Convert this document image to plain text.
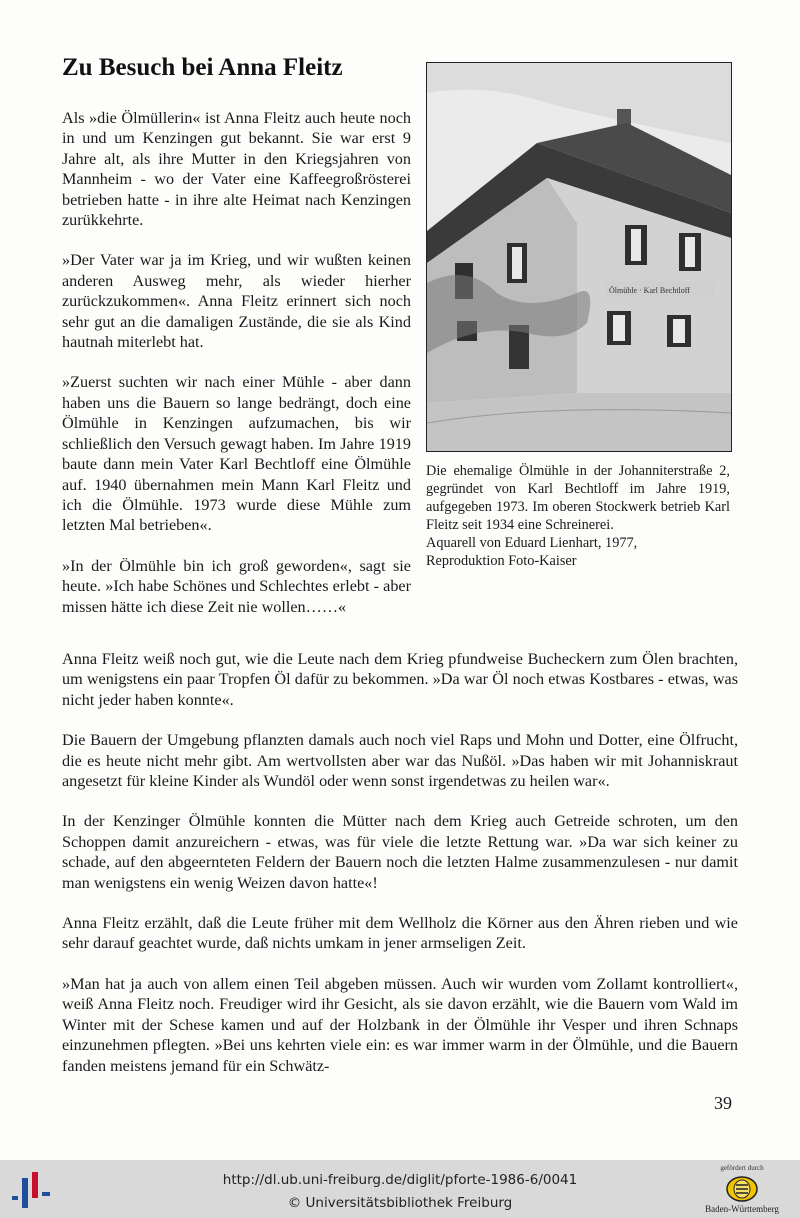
Zu Besuch bei Anna Fleitz

Als »die Ölmüllerin« ist Anna Fleitz auch heute noch in und um Kenzingen gut bekannt. Sie war erst 9 Jahre alt, als ihre Mutter in den Kriegsjahren von Mannheim - wo der Vater eine Kaffeegroßrösterei betrieben hatte - in ihre alte Heimat nach Kenzingen zurükkehrte.

»Der Vater war ja im Krieg, und wir wußten keinen anderen Ausweg mehr, als wieder hierher zurückzukommen«. Anna Fleitz erinnert sich noch sehr gut an die damaligen Zustände, die sie als Kind hautnah miterlebt hat.

»Zuerst suchten wir nach einer Mühle - aber dann haben uns die Bauern so lange bedrängt, doch eine Ölmühle in Kenzingen aufzumachen, bis wir schließlich den Versuch gewagt haben. Im Jahre 1919 baute dann mein Vater Karl Bechtloff eine Ölmühle auf. 1940 übernahmen mein Mann Karl Fleitz und ich die Ölmühle. 1973 wurde diese Mühle zum letzten Mal betrieben«.

»In der Ölmühle bin ich groß geworden«, sagt sie heute. »Ich habe Schönes und Schlechtes erlebt - aber missen hätte ich diese Zeit nie wollen……«

Ölmühle · Karl Bechtloff
Die ehemalige Ölmühle in der Johanniterstraße 2, gegründet von Karl Bechtloff im Jahre 1919, aufgegeben 1973. Im oberen Stockwerk betrieb Karl Fleitz seit 1934 eine Schreinerei.
Aquarell von Eduard Lienhart, 1977,
Reproduktion Foto-Kaiser

Anna Fleitz weiß noch gut, wie die Leute nach dem Krieg pfundweise Bucheckern zum Ölen brachten, um wenigstens ein paar Tropfen Öl dafür zu bekommen. »Da war Öl noch etwas Kostbares - etwas, was nicht jeder haben konnte«.

Die Bauern der Umgebung pflanzten damals auch noch viel Raps und Mohn und Dotter, eine Ölfrucht, die es heute nicht mehr gibt. Am wertvollsten aber war das Nußöl. »Das haben wir mit Johanniskraut angesetzt für kleine Kinder als Wundöl oder wenn sonst irgendetwas zu heilen war«.

In der Kenzinger Ölmühle konnten die Mütter nach dem Krieg auch Getreide schroten, um den Schoppen damit anzureichern - etwas, was für viele die letzte Rettung war. »Da war sich keiner zu schade, auf den abgeernteten Feldern der Bauern noch die letzten Halme zusammenzulesen - nur damit man wenigstens ein wenig Weizen davon hatte«!

Anna Fleitz erzählt, daß die Leute früher mit dem Wellholz die Körner aus den Ähren rieben und wie sehr darauf geachtet wurde, daß nichts umkam in jener armseligen Zeit.

»Man hat ja auch von allem einen Teil abgeben müssen. Auch wir wurden vom Zollamt kontrolliert«, weiß Anna Fleitz noch. Freudiger wird ihr Gesicht, als sie davon erzählt, wie die Bauern vom Wald im Winter mit der Schese kamen und auf der Holzbank in der Ölmühle ihr Vesper und ihren Schnaps einzunehmen pflegten. »Bei uns kehrten viele ein: es war immer warm in der Ölmühle, und die Bauern fanden meistens jemand für ein Schwätz-

39
http://dl.ub.uni-freiburg.de/diglit/pforte-1986-6/0041
© Universitätsbibliothek Freiburg
gefördert durch
Baden-Württemberg
